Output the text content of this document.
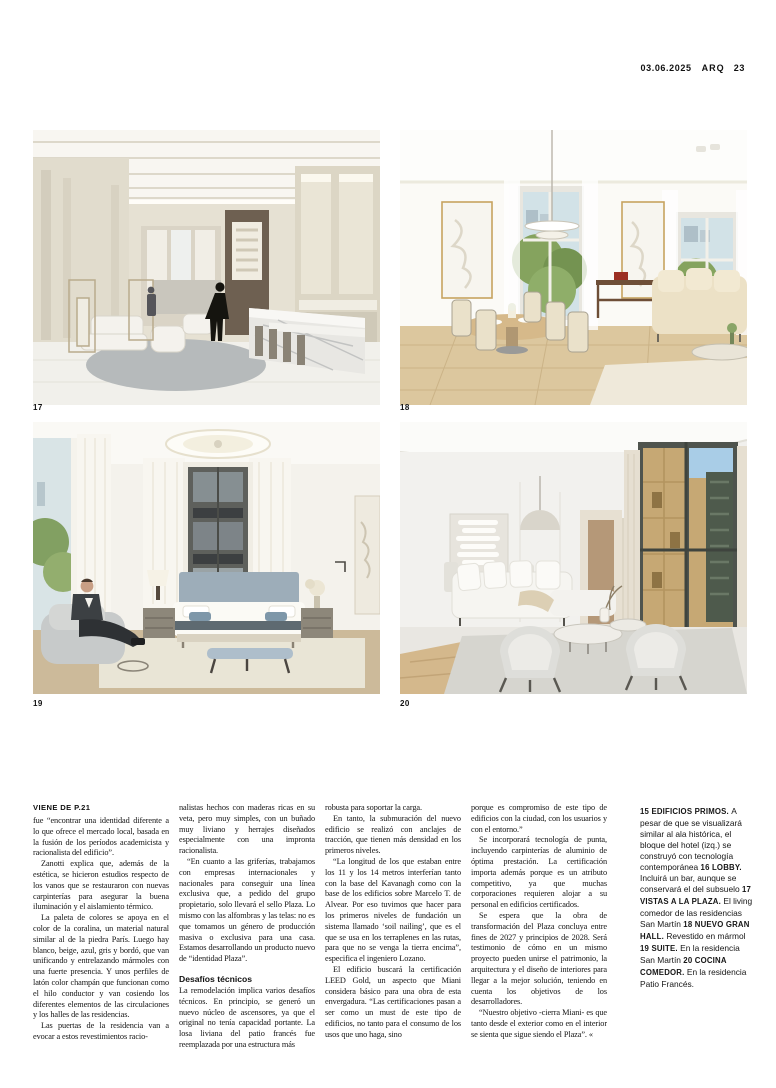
03.06.2025 ARQ 23
17	18
19	20
VIENE DE P.21

fue “encontrar una identidad diferente a lo que ofrece el mercado local, basada en la fusión de los períodos academicista y racionalista del edificio”.

Zanotti explica que, además de la estética, se hicieron estudios respecto de los vanos que se restauraron con nuevas carpinterías para asegurar la buena iluminación y el aislamiento térmico.

La paleta de colores se apoya en el color de la coralina, un material natural similar al de la piedra París. Luego hay blanco, beige, azul, gris y bordó, que van unificando y entrelazando mármoles con una fuerte presencia. Y unos perfiles de latón color champán que funcionan como el hilo conductor y van cosiendo los diferentes elementos de las circulaciones y los halles de las residencias.

Las puertas de la residencia van a evocar a estos revestimientos racio-

nalistas hechos con maderas ricas en su veta, pero muy simples, con un buñado muy liviano y herrajes diseñados especialmente con una impronta racionalista.

“En cuanto a las griferías, trabajamos con empresas internacionales y nacionales para conseguir una línea exclusiva que, a pedido del grupo propietario, solo llevará el sello Plaza. Lo mismo con las alfombras y las telas: no es que tomamos un género de producción masiva o exclusiva para una casa. Estamos desarrollando un producto nuevo de “identidad Plaza”.

Desafíos técnicos

La remodelación implica varios desafíos técnicos. En principio, se generó un nuevo núcleo de ascensores, ya que el original no tenía capacidad portante. La losa liviana del patio francés fue reemplazada por una estructura más

robusta para soportar la carga.

En tanto, la submuración del nuevo edificio se realizó con anclajes de tracción, que tienen más densidad en los primeros niveles.

“La longitud de los que estaban entre los 11 y los 14 metros interferían tanto con la base del Kavanagh como con la base de los edificios sobre Marcelo T. de Alvear. Por eso tuvimos que hacer para los primeros niveles de fundación un sistema llamado ‘soil nailing’, que es el que se usa en los terraplenes en las rutas, para que no se venga la tierra encima”, especifica el ingeniero Lozano.

El edificio buscará la certificación LEED Gold, un aspecto que Miani considera básico para una obra de esta envergadura. “Las certificaciones pasan a ser como un must de este tipo de edificios, no tanto para el consumo de los usos que uno haga, sino

porque es compromiso de este tipo de edificios con la ciudad, con los usuarios y con el entorno.”

Se incorporará tecnología de punta, incluyendo carpinterías de aluminio de óptima prestación. La certificación importa además porque es un atributo competitivo, ya que muchas corporaciones requieren alojar a su personal en edificios certificados.

Se espera que la obra de transformación del Plaza concluya entre fines de 2027 y principios de 2028. Será testimonio de cómo en un mismo proyecto pueden unirse el patrimonio, la arquitectura y el diseño de interiores para llegar a la mejor solución, teniendo en cuenta los objetivos de los desarrolladores.

“Nuestro objetivo -cierra Miani- es que tanto desde el exterior como en el interior se sienta que sigue siendo el Plaza”. «

15 EDIFICIOS PRIMOS. A pesar de que se visualizará similar al ala histórica, el bloque del hotel (izq.) se construyó con tecnología contemporánea 16 LOBBY. Incluirá un bar, aunque se conservará el del subsuelo 17 VISTAS A LA PLAZA. El living comedor de las residencias San Martín 18 NUEVO GRAN HALL. Revestido en mármol 19 SUITE. En la residencia San Martín 20 COCINA COMEDOR. En la residencia Patio Francés.
